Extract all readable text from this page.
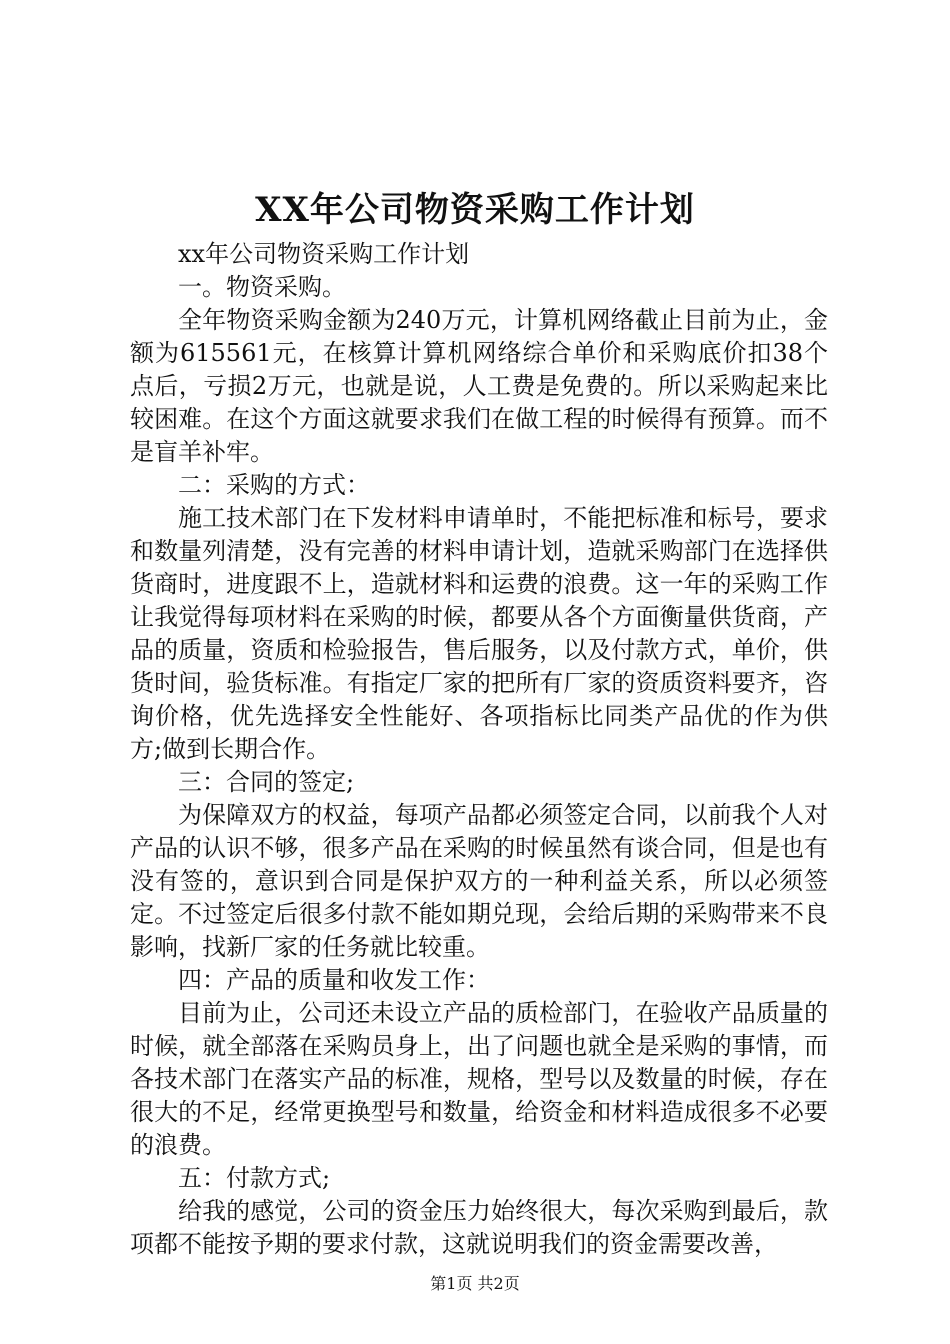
XX年公司物资采购工作计划

xx年公司物资采购工作计划

一。物资采购。

全年物资采购金额为240万元，计算机网络截止目前为止，金额为615561元，在核算计算机网络综合单价和采购底价扣38个点后，亏损2万元，也就是说，人工费是免费的。所以采购起来比较困难。在这个方面这就要求我们在做工程的时候得有预算。而不是盲羊补牢。

二：采购的方式：

施工技术部门在下发材料申请单时，不能把标准和标号，要求和数量列清楚，没有完善的材料申请计划，造就采购部门在选择供货商时，进度跟不上，造就材料和运费的浪费。这一年的采购工作让我觉得每项材料在采购的时候，都要从各个方面衡量供货商，产品的质量，资质和检验报告，售后服务，以及付款方式，单价，供货时间，验货标准。有指定厂家的把所有厂家的资质资料要齐，咨询价格，优先选择安全性能好、各项指标比同类产品优的作为供方;做到长期合作。

三：合同的签定;

为保障双方的权益，每项产品都必须签定合同，以前我个人对产品的认识不够，很多产品在采购的时候虽然有谈合同，但是也有没有签的，意识到合同是保护双方的一种利益关系，所以必须签定。不过签定后很多付款不能如期兑现，会给后期的采购带来不良影响，找新厂家的任务就比较重。

四：产品的质量和收发工作：

目前为止，公司还未设立产品的质检部门，在验收产品质量的时候，就全部落在采购员身上，出了问题也就全是采购的事情，而各技术部门在落实产品的标准，规格，型号以及数量的时候，存在很大的不足，经常更换型号和数量，给资金和材料造成很多不必要的浪费。

五：付款方式;

给我的感觉，公司的资金压力始终很大，每次采购到最后，款项都不能按予期的要求付款，这就说明我们的资金需要改善，

第1页 共2页
